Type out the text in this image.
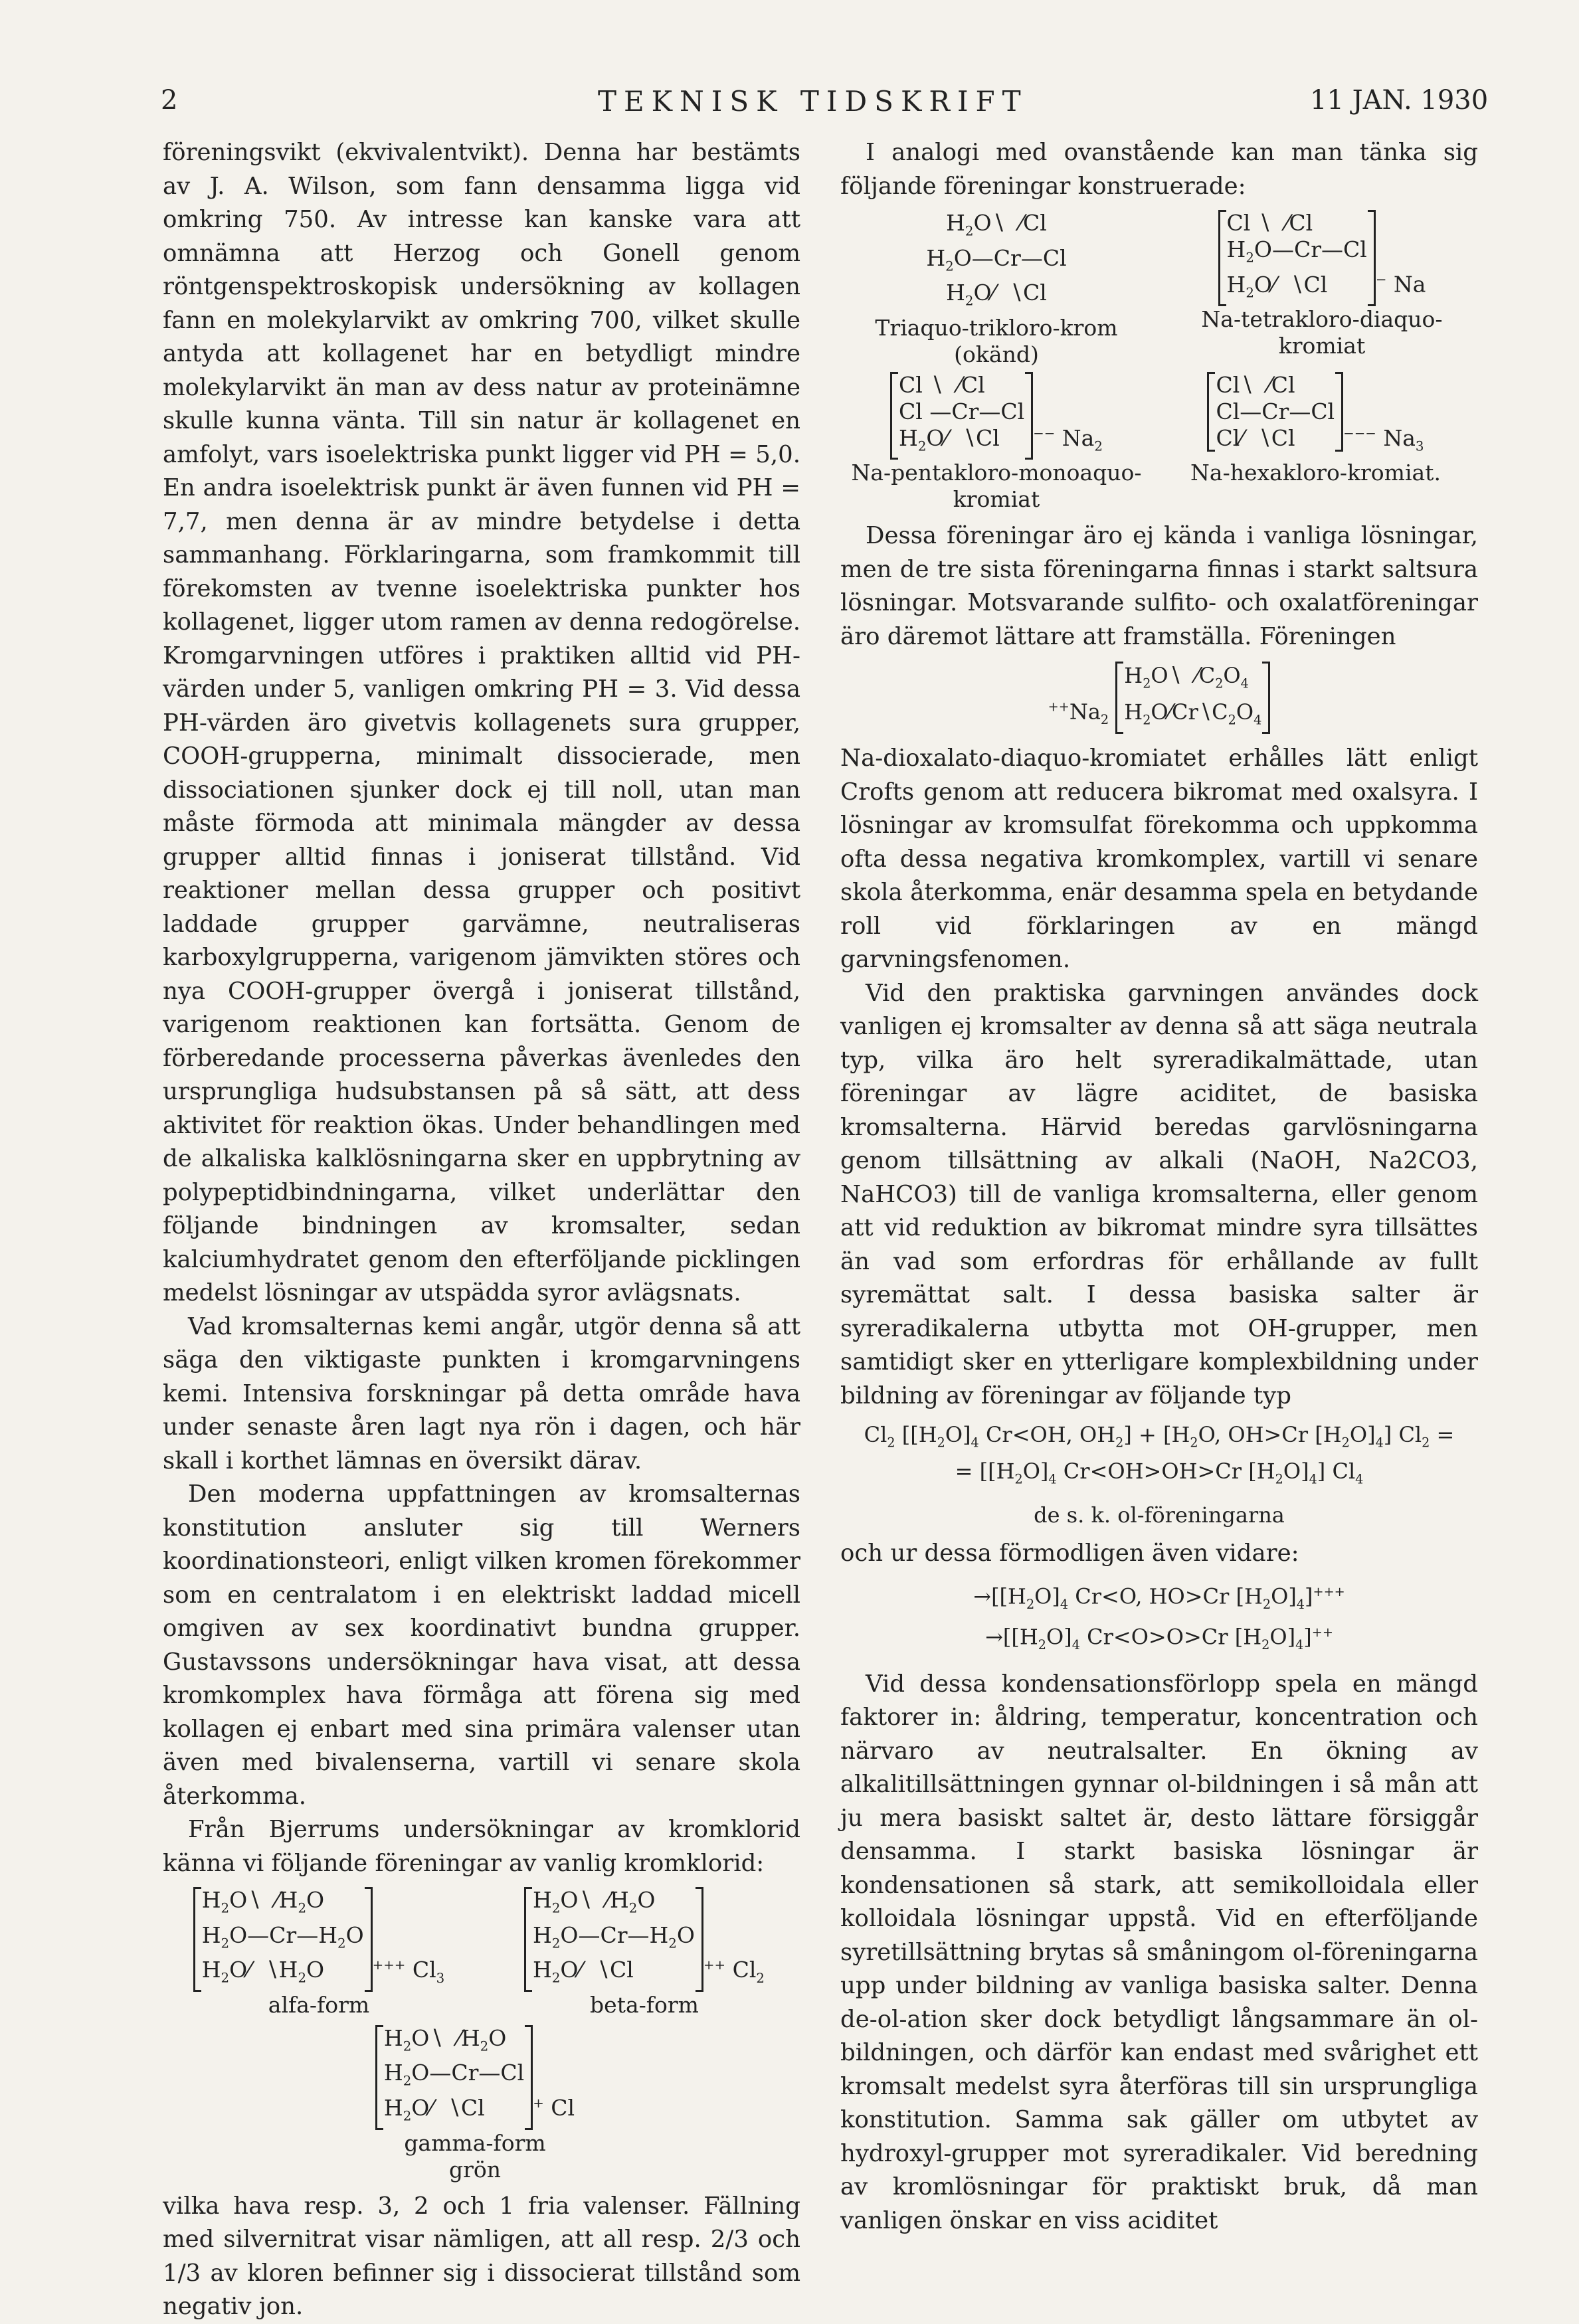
2	TEKNISK TIDSKRIFT	11 JAN. 1930

föreningsvikt (ekvivalentvikt). Denna har bestämts av J. A. Wilson, som fann densamma ligga vid omkring 750. Av intresse kan kanske vara att omnämna att Herzog och Gonell genom röntgenspektroskopisk undersökning av kollagen fann en molekylarvikt av omkring 700, vilket skulle antyda att kollagenet har en betydligt mindre molekylarvikt än man av dess natur av proteinämne skulle kunna vänta. Till sin natur är kollagenet en amfolyt, vars isoelektriska punkt ligger vid PH = 5,0. En andra isoelektrisk punkt är även funnen vid PH = 7,7, men denna är av mindre betydelse i detta sammanhang. Förklaringarna, som framkommit till förekomsten av tvenne isoelektriska punkter hos kollagenet, ligger utom ramen av denna redogörelse. Kromgarvningen utföres i praktiken alltid vid PH-värden under 5, vanligen omkring PH = 3. Vid dessa PH-värden äro givetvis kollagenets sura grupper, COOH-grupperna, minimalt dissocierade, men dissociationen sjunker dock ej till noll, utan man måste förmoda att minimala mängder av dessa grupper alltid finnas i joniserat tillstånd. Vid reaktioner mellan dessa grupper och positivt laddade grupper garvämne, neutraliseras karboxylgrupperna, varigenom jämvikten störes och nya COOH-grupper övergå i joniserat tillstånd, varigenom reaktionen kan fortsätta. Genom de förberedande processerna påverkas ävenledes den ursprungliga hudsubstansen på så sätt, att dess aktivitet för reaktion ökas. Under behandlingen med de alkaliska kalklösningarna sker en uppbrytning av polypeptidbindningarna, vilket underlättar den följande bindningen av kromsalter, sedan kalciumhydratet genom den efterföljande picklingen medelst lösningar av utspädda syror avlägsnats.

Vad kromsalternas kemi angår, utgör denna så att säga den viktigaste punkten i kromgarvningens kemi. Intensiva forskningar på detta område hava under senaste åren lagt nya rön i dagen, och här skall i korthet lämnas en översikt därav.

Den moderna uppfattningen av kromsalternas konstitution ansluter sig till Werners koordinationsteori, enligt vilken kromen förekommer som en centralatom i en elektriskt laddad micell omgiven av sex koordinativt bundna grupper. Gustavssons undersökningar hava visat, att dessa kromkomplex hava förmåga att förena sig med kollagen ej enbart med sina primära valenser utan även med bivalenserna, vartill vi senare skola återkomma.

Från Bjerrums undersökningar av kromklorid känna vi följande föreningar av vanlig kromklorid:

$H_2O∖$  $⁄H_2O$
$H_2O—Cr—H_2O$
$H_2O⁄$  $∖H_2O$	+++ $Cl_3$
alfa-form
$H_2O∖$  $⁄H_2O$
$H_2O—Cr—H_2O$
$H_2O⁄$  ∖Cl	++ $Cl_2$
beta-form
$H_2O∖$  $⁄H_2O$
$H_2O—Cr—Cl$
$H_2O⁄$  ∖Cl	+ Cl
gamma-form
grön

vilka hava resp. 3, 2 och 1 fria valenser. Fällning med silvernitrat visar nämligen, att all resp. 2/3 och 1/3 av kloren befinner sig i dissocierat tillstånd som negativ jon.

I analogi med ovanstående kan man tänka sig följande föreningar konstruerade:

$H_2O∖$  ⁄Cl
$H_2O—Cr—Cl$
$H_2O⁄$  ∖Cl
Triaquo-trikloro-krom
(okänd)
Cl ∖  ⁄Cl
$H_2O—Cr—Cl$
$H_2O⁄$  ∖Cl	− Na
Na-tetrakloro-diaquo-
kromiat
Cl ∖  ⁄Cl
Cl —Cr—Cl
$H_2O⁄$  ∖Cl	−− $Na_2$
Na-pentakloro-monoaquo-
kromiat
Cl∖  ⁄Cl
Cl—Cr—Cl
Cl⁄  ∖Cl	−−− $Na_3$
Na-hexakloro-kromiat.

Dessa föreningar äro ej kända i vanliga lösningar, men de tre sista föreningarna finnas i starkt saltsura lösningar. Motsvarande sulfito- och oxalatföreningar äro däremot lättare att framställa. Föreningen

$^{++}Na_2$ $H_2O∖$  $⁄C_2O_4$
$H_2O⁄Cr∖C_2O_4$

Na-dioxalato-diaquo-kromiatet erhålles lätt enligt Crofts genom att reducera bikromat med oxalsyra. I lösningar av kromsulfat förekomma och uppkomma ofta dessa negativa kromkomplex, vartill vi senare skola återkomma, enär desamma spela en betydande roll vid förklaringen av en mängd garvningsfenomen.

Vid den praktiska garvningen användes dock vanligen ej kromsalter av denna så att säga neutrala typ, vilka äro helt syreradikalmättade, utan föreningar av lägre aciditet, de basiska kromsalterna. Härvid beredas garvlösningarna genom tillsättning av alkali (NaOH, Na2CO3, NaHCO3) till de vanliga kromsalterna, eller genom att vid reduktion av bikromat mindre syra tillsättes än vad som erfordras för erhållande av fullt syremättat salt. I dessa basiska salter är syreradikalerna utbytta mot OH-grupper, men samtidigt sker en ytterligare komplexbildning under bildning av föreningar av följande typ

$Cl_2$ [$[H_2O]_4$ Cr<OH, $OH_2] + [H_2O$, OH>Cr $[H_2O]_4$] $Cl_2$ =
= [$[H_2O]_4$ Cr<OH>OH>Cr $[H_2O]_4$] $Cl_4$
de s. k. ol-föreningarna

och ur dessa förmodligen även vidare:

$\to[[H_2O]_4$ Cr<O, HO>Cr $[H_2O]_4]^{+++}$
$\to[[H_2O]_4$ Cr<O>O>Cr $[H_2O]_4]^{++}$

Vid dessa kondensationsförlopp spela en mängd faktorer in: åldring, temperatur, koncentration och närvaro av neutralsalter. En ökning av alkalitillsättningen gynnar ol-bildningen i så mån att ju mera basiskt saltet är, desto lättare försiggår densamma. I starkt basiska lösningar är kondensationen så stark, att semikolloidala eller kolloidala lösningar uppstå. Vid en efterföljande syretillsättning brytas så småningom ol-föreningarna upp under bildning av vanliga basiska salter. Denna de-ol-ation sker dock betydligt långsammare än ol-bildningen, och därför kan endast med svårighet ett kromsalt medelst syra återföras till sin ursprungliga konstitution. Samma sak gäller om utbytet av hydroxyl-grupper mot syreradikaler. Vid beredning av kromlösningar för praktiskt bruk, då man vanligen önskar en viss aciditet
